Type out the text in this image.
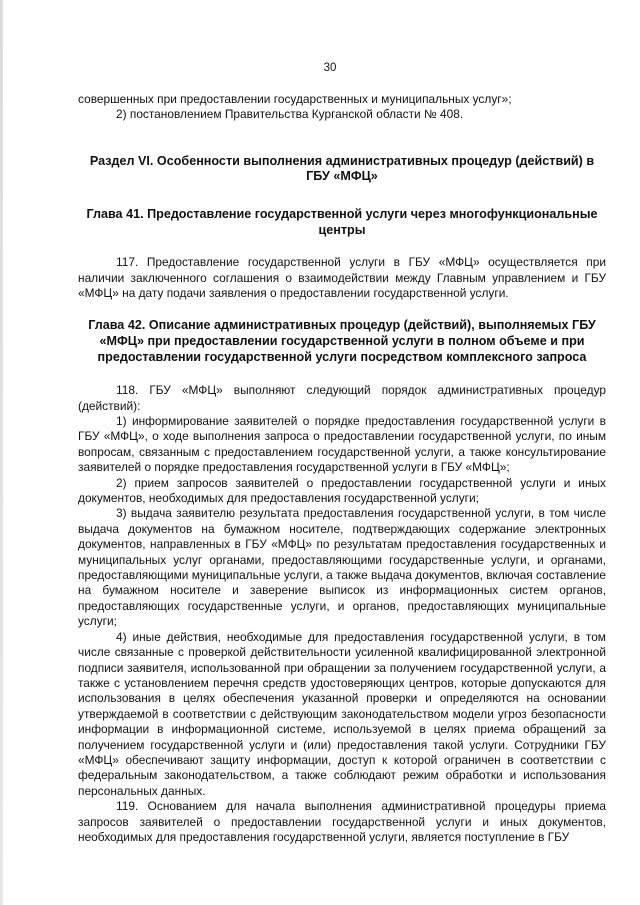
30

совершенных при предоставлении государственных и муниципальных услуг»;

2) постановлением Правительства Курганской области № 408.

Раздел VI. Особенности выполнения административных процедур (действий) в ГБУ «МФЦ»
Глава 41. Предоставление государственной услуги через многофункциональные центры

117. Предоставление государственной услуги в ГБУ «МФЦ» осуществляется при наличии заключенного соглашения о взаимодействии между Главным управлением и ГБУ «МФЦ» на дату подачи заявления о предоставлении государственной услуги.

Глава 42. Описание административных процедур (действий), выполняемых ГБУ «МФЦ» при предоставлении государственной услуги в полном объеме и при предоставлении государственной услуги посредством комплексного запроса

118. ГБУ «МФЦ» выполняют следующий порядок административных процедур (действий):

1) информирование заявителей о порядке предоставления государственной услуги в ГБУ «МФЦ», о ходе выполнения запроса о предоставлении государственной услуги, по иным вопросам, связанным с предоставлением государственной услуги, а также консультирование заявителей о порядке предоставления государственной услуги в ГБУ «МФЦ»;

2) прием запросов заявителей о предоставлении государственной услуги и иных документов, необходимых для предоставления государственной услуги;

3) выдача заявителю результата предоставления государственной услуги, в том числе выдача документов на бумажном носителе, подтверждающих содержание электронных документов, направленных в ГБУ «МФЦ» по результатам предоставления государственных и муниципальных услуг органами, предоставляющими государственные услуги, и органами, предоставляющими муниципальные услуги, а также выдача документов, включая составление на бумажном носителе и заверение выписок из информационных систем органов, предоставляющих государственные услуги, и органов, предоставляющих муниципальные услуги;

4) иные действия, необходимые для предоставления государственной услуги, в том числе связанные с проверкой действительности усиленной квалифицированной электронной подписи заявителя, использованной при обращении за получением государственной услуги, а также с установлением перечня средств удостоверяющих центров, которые допускаются для использования в целях обеспечения указанной проверки и определяются на основании утверждаемой в соответствии с действующим законодательством модели угроз безопасности информации в информационной системе, используемой в целях приема обращений за получением государственной услуги и (или) предоставления такой услуги. Сотрудники ГБУ «МФЦ» обеспечивают защиту информации, доступ к которой ограничен в соответствии с федеральным законодательством, а также соблюдают режим обработки и использования персональных данных.

119. Основанием для начала выполнения административной процедуры приема запросов заявителей о предоставлении государственной услуги и иных документов, необходимых для предоставления государственной услуги, является поступление в ГБУ
